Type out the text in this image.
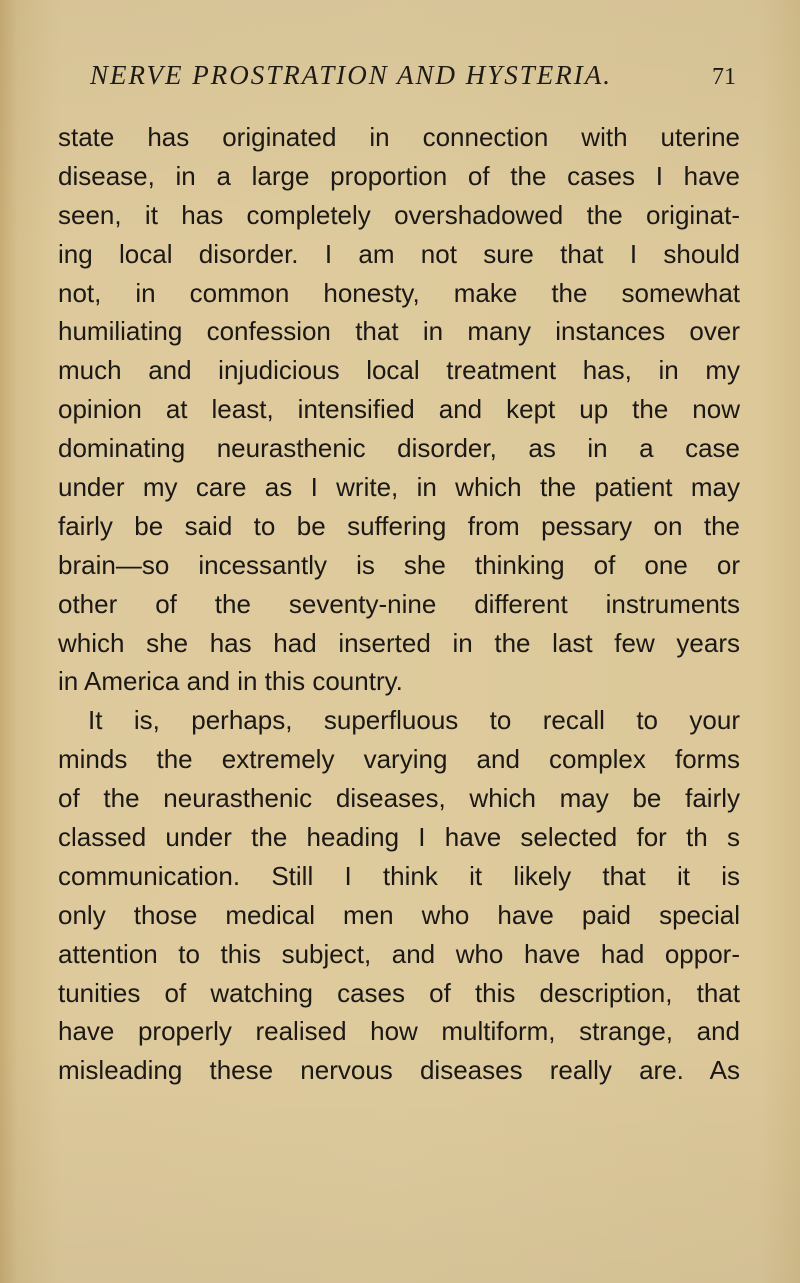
NERVE PROSTRATION AND HYSTERIA.	71
state has originated in connection with uterine
disease, in a large proportion of the cases I have
seen, it has completely overshadowed the originat-
ing local disorder. I am not sure that I should
not, in common honesty, make the somewhat
humiliating confession that in many instances over
much and injudicious local treatment has, in my
opinion at least, intensified and kept up the now
dominating neurasthenic disorder, as in a case
under my care as I write, in which the patient may
fairly be said to be suffering from pessary on the
brain—so incessantly is she thinking of one or
other of the seventy-nine different instruments
which she has had inserted in the last few years
in America and in this country.
It is, perhaps, superfluous to recall to your
minds the extremely varying and complex forms
of the neurasthenic diseases, which may be fairly
classed under the heading I have selected for th s
communication. Still I think it likely that it is
only those medical men who have paid special
attention to this subject, and who have had oppor-
tunities of watching cases of this description, that
have properly realised how multiform, strange, and
misleading these nervous diseases really are. As
